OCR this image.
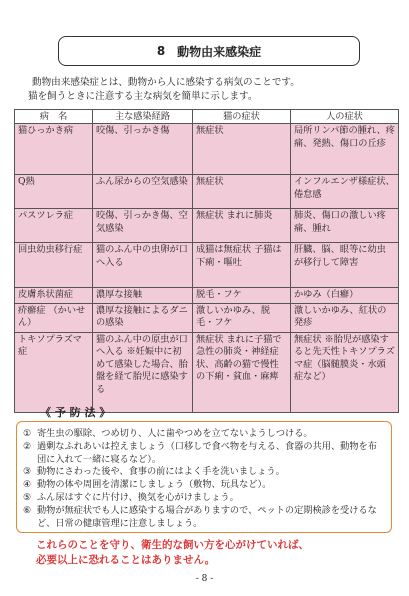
8 動物由来感染症

動物由来感染症とは、動物から人に感染する病気のことです。

猫を飼うときに注意する主な病気を簡単に示します。

病　名	主な感染経路	猫の症状	人の症状
猫ひっかき病	咬傷、引っかき傷	無症状	局所リンパ節の腫れ、疼痛、発熱、傷口の丘疹
Q熱	ふん尿からの空気感染	無症状	インフルエンザ様症状、倦怠感
パスツレラ症	咬傷、引っかき傷、空気感染	無症状 まれに肺炎	肺炎、傷口の激しい疼痛、腫れ
回虫幼虫移行症	猫のふん中の虫卵が口へ入る	成猫は無症状 子猫は下痢・嘔吐	肝臓、脳、眼等に幼虫が移行して障害
皮膚糸状菌症	濃厚な接触	脱毛・フケ	かゆみ（白癬）
疥癬症 （かいせん）	濃厚な接触によるダニの感染	激しいかゆみ、脱毛・フケ	激しいかゆみ、紅状の発疹
トキソプラズマ症	猫のふん中の原虫が口へ入る ※妊娠中に初めて感染した場合、胎盤を経て胎児に感染する	無症状 まれに子猫で急性の肺炎・神経症状、高齢の猫で慢性の下痢・貧血・麻痺	無症状 ※胎児が感染すると先天性トキソプラズマ症（脳髄膜炎・水頭症など）
《 予 防 法 》
① 寄生虫の駆除、つめ切り、人に歯やつめを立てないようしつける。
② 過剰なふれあいは控えましょう（口移しで食べ物を与える、食器の共用、動物を布団に入れて一緒に寝るなど）。
③ 動物にさわった後や、食事の前にはよく手を洗いましょう。
④ 動物の体や周囲を清潔にしましょう（敷物、玩具など）。
⑤ ふん尿はすぐに片付け、換気を心がけましょう。
⑥ 動物が無症状でも人に感染する場合がありますので、ペットの定期検診を受けるなど、日常の健康管理に注意しましょう。

これらのことを守り、衛生的な飼い方を心がけていれば、

必要以上に恐れることはありません。

- 8 -
